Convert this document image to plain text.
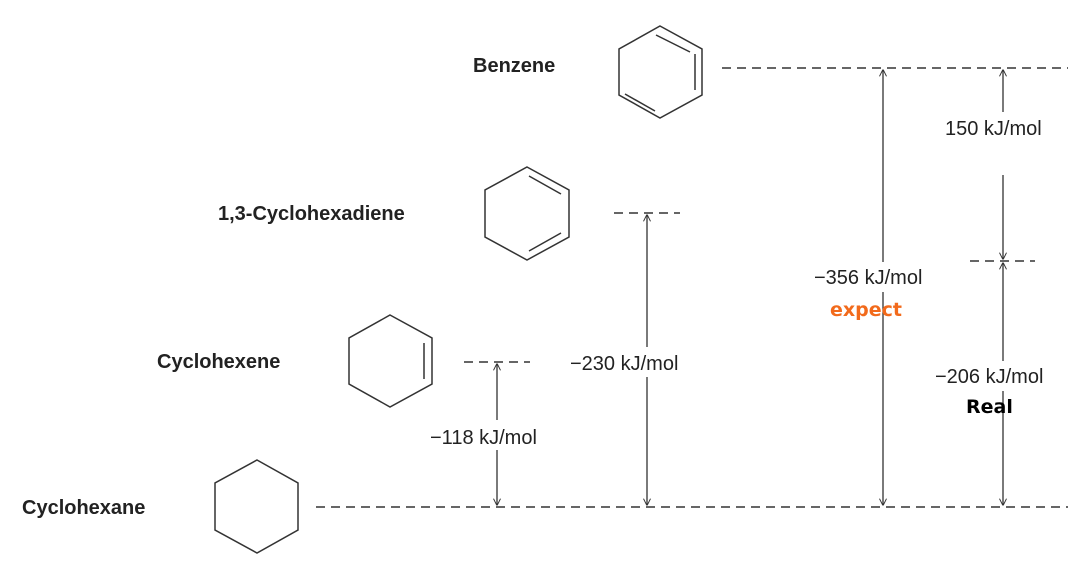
Benzene
1,3-Cyclohexadiene
Cyclohexene
Cyclohexane
−118 kJ/mol
−230 kJ/mol
−356 kJ/mol
−206 kJ/mol
150 kJ/mol
expect
Real
